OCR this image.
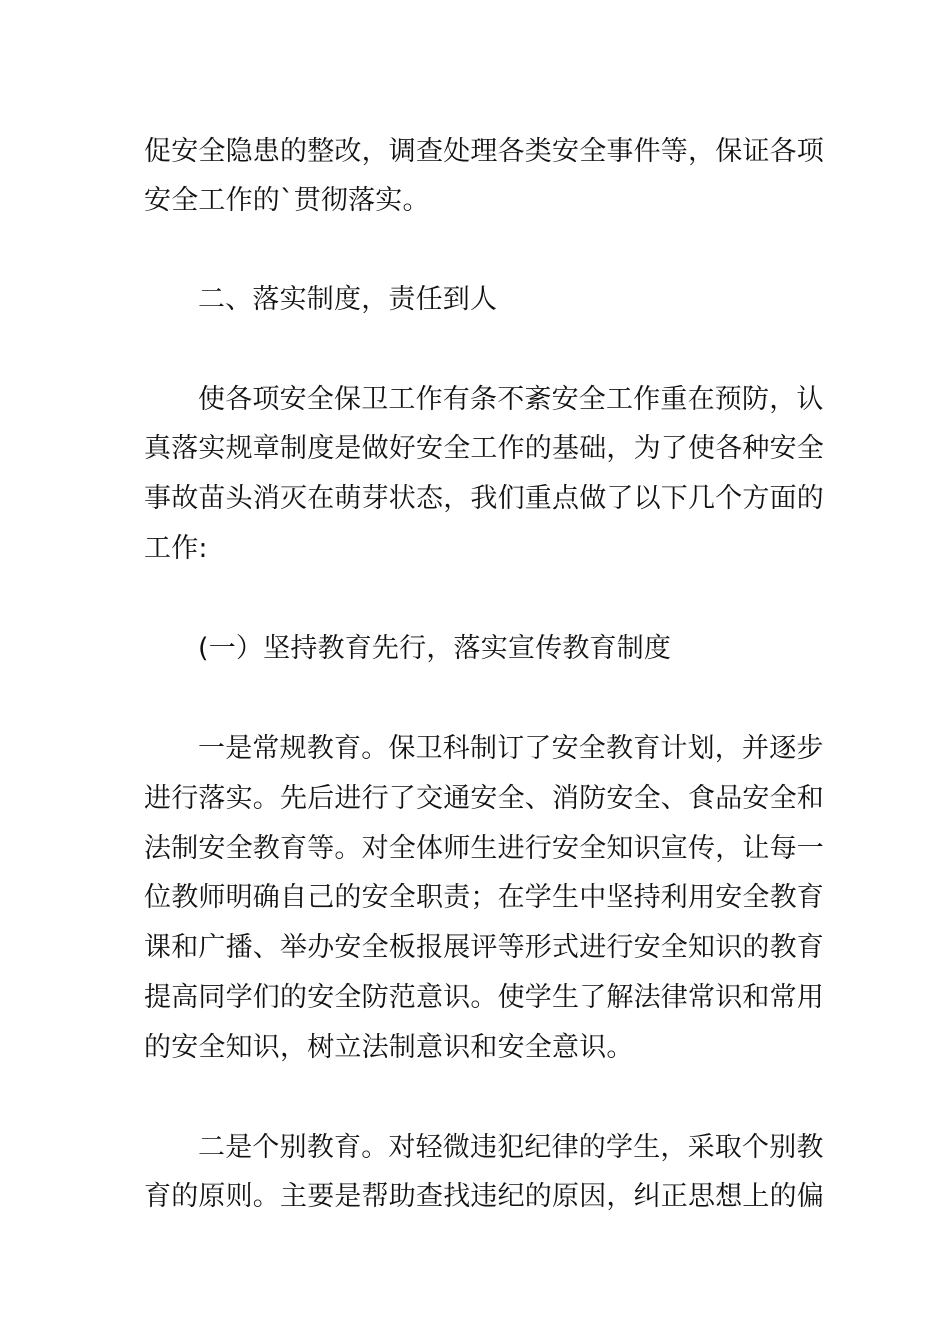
促安全隐患的整改，调查处理各类安全事件等，保证各项
安全工作的`贯彻落实。
二、落实制度，责任到人
使各项安全保卫工作有条不紊安全工作重在预防，认
真落实规章制度是做好安全工作的基础，为了使各种安全
事故苗头消灭在萌芽状态，我们重点做了以下几个方面的
工作:
(一）坚持教育先行，落实宣传教育制度
一是常规教育。保卫科制订了安全教育计划，并逐步
进行落实。先后进行了交通安全、消防安全、食品安全和
法制安全教育等。对全体师生进行安全知识宣传，让每一
位教师明确自己的安全职责；在学生中坚持利用安全教育
课和广播、举办安全板报展评等形式进行安全知识的教育
提高同学们的安全防范意识。使学生了解法律常识和常用
的安全知识，树立法制意识和安全意识。
二是个别教育。对轻微违犯纪律的学生，采取个别教
育的原则。主要是帮助查找违纪的原因，纠正思想上的偏
